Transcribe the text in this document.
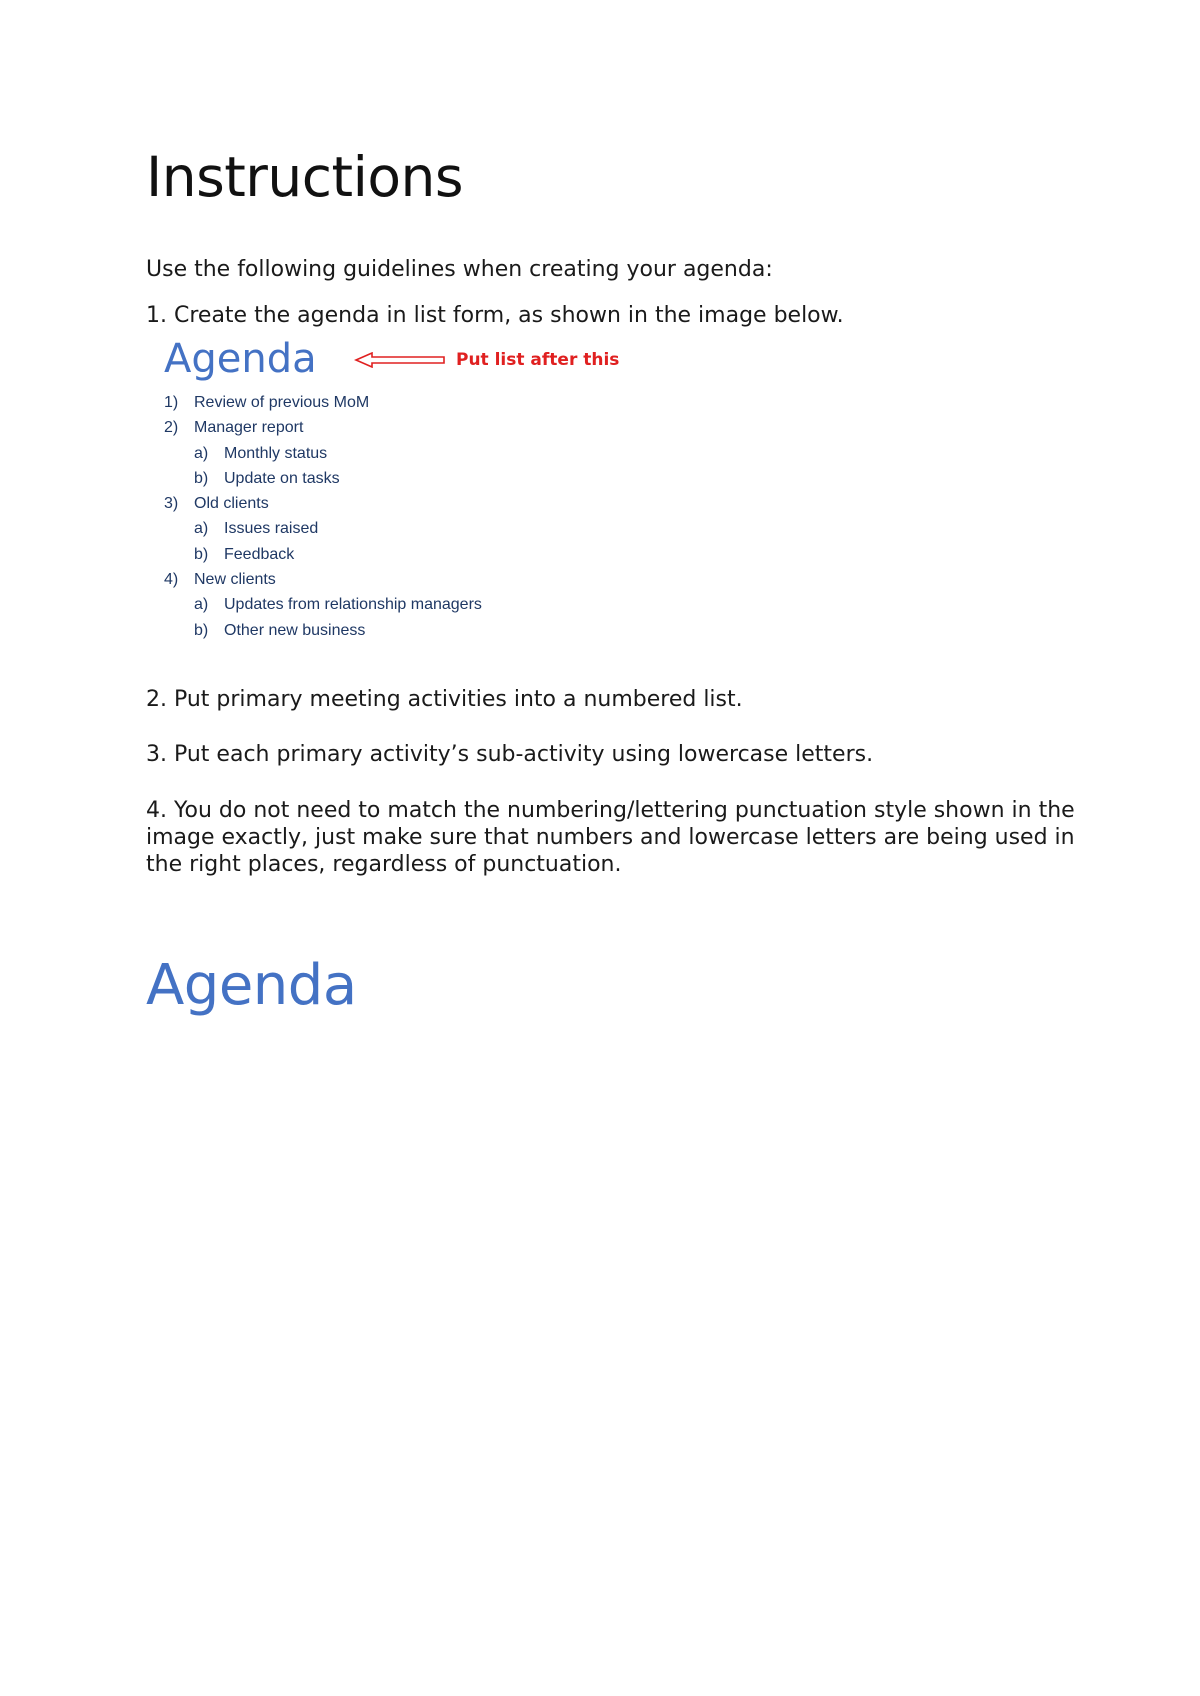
Instructions

Use the following guidelines when creating your agenda:

1. Create the agenda in list form, as shown in the image below.

Agenda	Put list after this
1) Review of previous MoM
2) Manager report
a) Monthly status
b) Update on tasks
3) Old clients
a) Issues raised
b) Feedback
4) New clients
a) Updates from relationship managers
b) Other new business

2. Put primary meeting activities into a numbered list.

3. Put each primary activity’s sub-activity using lowercase letters.

4. You do not need to match the numbering/lettering punctuation style shown in the image exactly, just make sure that numbers and lowercase letters are being used in the right places, regardless of punctuation.

Agenda
